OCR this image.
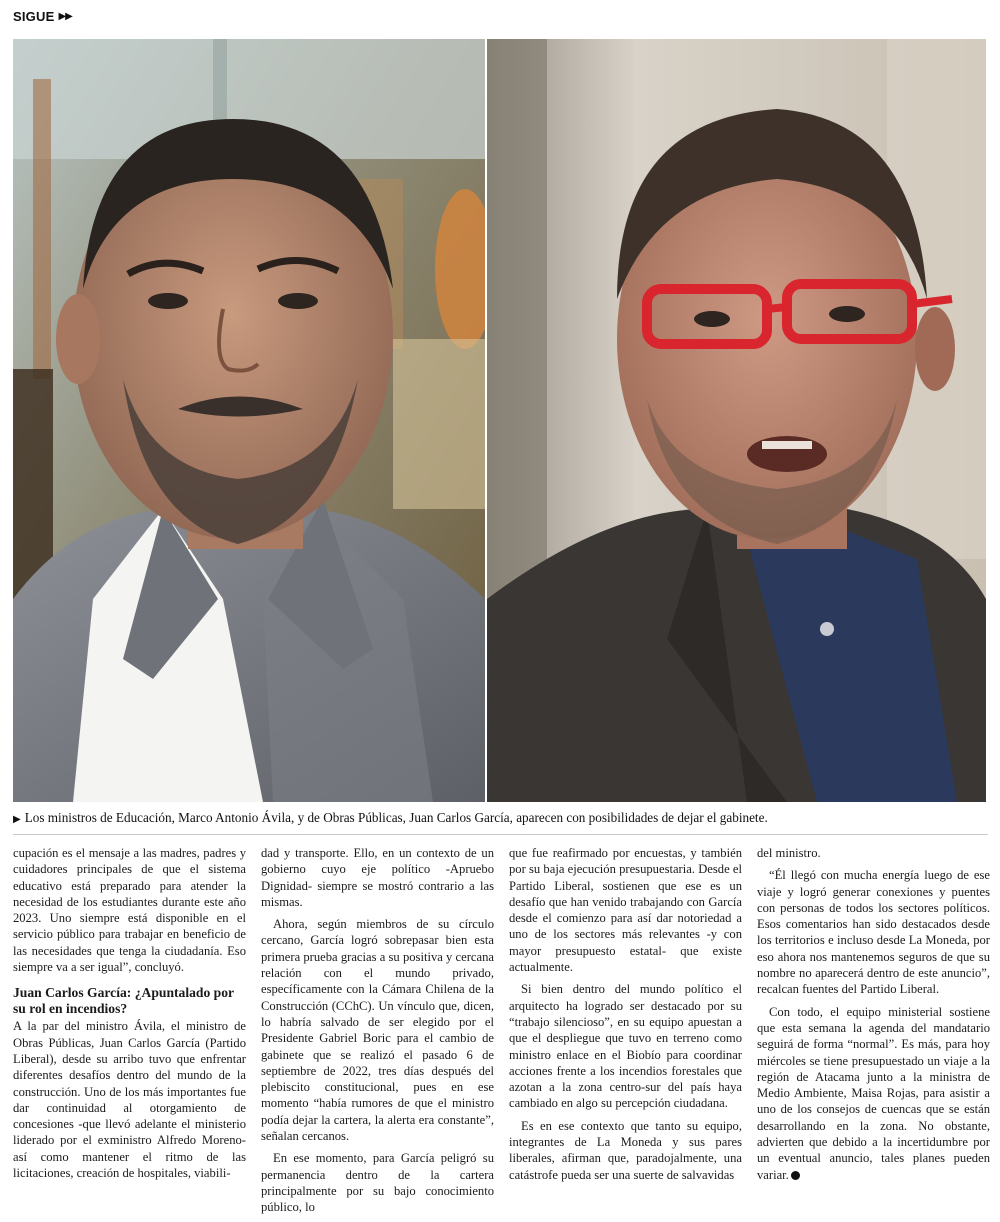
SIGUE ▶▶
▶ Los ministros de Educación, Marco Antonio Ávila, y de Obras Públicas, Juan Carlos García, aparecen con posibilidades de dejar el gabinete.

cupación es el mensaje a las madres, padres y cuidadores principales de que el sistema educativo está preparado para atender la necesidad de los estudiantes durante este año 2023. Uno siempre está disponible en el servicio público para trabajar en beneficio de las necesidades que tenga la ciudadanía. Eso siempre va a ser igual”, concluyó.

Juan Carlos García: ¿Apuntalado por su rol en incendios?

A la par del ministro Ávila, el ministro de Obras Públicas, Juan Carlos García (Partido Liberal), desde su arribo tuvo que enfrentar diferentes desafíos dentro del mundo de la construcción. Uno de los más importantes fue dar continuidad al otorgamiento de concesiones -que llevó adelante el ministerio liderado por el exministro Alfredo Moreno- así como mantener el ritmo de las licitaciones, creación de hospitales, viabili-

dad y transporte. Ello, en un contexto de un gobierno cuyo eje político -Apruebo Dignidad- siempre se mostró contrario a las mismas.

Ahora, según miembros de su círculo cercano, García logró sobrepasar bien esta primera prueba gracias a su positiva y cercana relación con el mundo privado, específicamente con la Cámara Chilena de la Construcción (CChC). Un vínculo que, dicen, lo habría salvado de ser elegido por el Presidente Gabriel Boric para el cambio de gabinete que se realizó el pasado 6 de septiembre de 2022, tres días después del plebiscito constitucional, pues en ese momento “había rumores de que el ministro podía dejar la cartera, la alerta era constante”, señalan cercanos.

En ese momento, para García peligró su permanencia dentro de la cartera principalmente por su bajo conocimiento público, lo

que fue reafirmado por encuestas, y también por su baja ejecución presupuestaria. Desde el Partido Liberal, sostienen que ese es un desafío que han venido trabajando con García desde el comienzo para así dar notoriedad a uno de los sectores más relevantes -y con mayor presupuesto estatal- que existe actualmente.

Si bien dentro del mundo político el arquitecto ha logrado ser destacado por su “trabajo silencioso”, en su equipo apuestan a que el despliegue que tuvo en terreno como ministro enlace en el Biobío para coordinar acciones frente a los incendios forestales que azotan a la zona centro-sur del país haya cambiado en algo su percepción ciudadana.

Es en ese contexto que tanto su equipo, integrantes de La Moneda y sus pares liberales, afirman que, paradojalmente, una catástrofe pueda ser una suerte de salvavidas

del ministro.

“Él llegó con mucha energía luego de ese viaje y logró generar conexiones y puentes con personas de todos los sectores políticos. Esos comentarios han sido destacados desde los territorios e incluso desde La Moneda, por eso ahora nos mantenemos seguros de que su nombre no aparecerá dentro de este anuncio”, recalcan fuentes del Partido Liberal.

Con todo, el equipo ministerial sostiene que esta semana la agenda del mandatario seguirá de forma “normal”. Es más, para hoy miércoles se tiene presupuestado un viaje a la región de Atacama junto a la ministra de Medio Ambiente, Maisa Rojas, para asistir a uno de los consejos de cuencas que se están desarrollando en la zona. No obstante, advierten que debido a la incertidumbre por un eventual anuncio, tales planes pueden variar.
